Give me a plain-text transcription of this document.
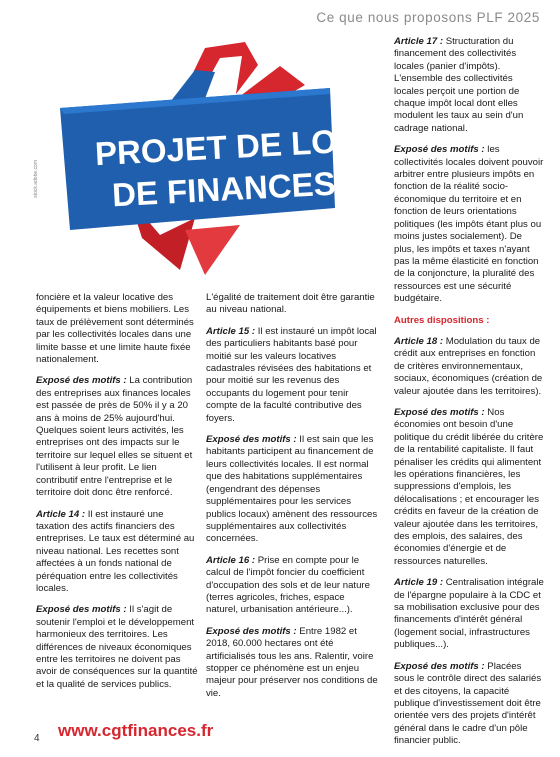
Ce que nous proposons PLF 2025
PROJET DE LOI
DE FINANCES
stock.adobe.com

foncière et la valeur locative des équipements et biens mobiliers. Les taux de prélèvement sont déterminés par les collectivités locales dans une limite basse et une limite haute fixée nationalement.

Exposé des motifs : La contribution des entreprises aux finances locales est passée de près de 50% il y a 20 ans à moins de 25% aujourd'hui. Quelques soient leurs activités, les entreprises ont des impacts sur le territoire sur lequel elles se situent et l'utilisent à leur profit. Le lien contributif entre l'entreprise et le territoire doit donc être renforcé.

Article 14 : Il est instauré une taxation des actifs financiers des entreprises. Le taux est déterminé au niveau national. Les recettes sont affectées à un fonds national de péréquation entre les collectivités locales.

Exposé des motifs : Il s'agit de soutenir l'emploi et le développement harmonieux des territoires. Les différences de niveaux économiques entre les territoires ne doivent pas avoir de conséquences sur la quantité et la qualité de services publics.

L'égalité de traitement doit être garantie au niveau national.

Article 15 : Il est instauré un impôt local des particuliers habitants basé pour moitié sur les valeurs locatives cadastrales révisées des habitations et pour moitié sur les revenus des occupants du logement pour tenir compte de la faculté contributive des foyers.

Exposé des motifs : Il est sain que les habitants participent au financement de leurs collectivités locales. Il est normal que des habitations supplémentaires (engendrant des dépenses supplémentaires pour les services publics locaux) amènent des ressources supplémentaires aux collectivités concernées.

Article 16 : Prise en compte pour le calcul de l'impôt foncier du coefficient d'occupation des sols et de leur nature (terres agricoles, friches, espace naturel, urbanisation antérieure...).

Exposé des motifs : Entre 1982 et 2018, 60.000 hectares ont été artificialisés tous les ans. Ralentir, voire stopper ce phénomène est un enjeu majeur pour préserver nos conditions de vie.

Article 17 : Structuration du financement des collectivités locales (panier d'impôts). L'ensemble des collectivités locales perçoit une portion de chaque impôt local dont elles modulent les taux au sein d'un cadrage national.

Exposé des motifs : les collectivités locales doivent pouvoir arbitrer entre plusieurs impôts en fonction de la réalité socio-économique du territoire et en fonction de leurs orientations politiques (les impôts étant plus ou moins justes socialement). De plus, les impôts et taxes n'ayant pas la même élasticité en fonction de la conjoncture, la pluralité des ressources est une sécurité budgétaire.

Autres dispositions :

Article 18 : Modulation du taux de crédit aux entreprises en fonction de critères environnementaux, sociaux, économiques (création de valeur ajoutée dans les territoires).

Exposé des motifs : Nos économies ont besoin d'une politique du crédit libérée du critère de la rentabilité capitaliste. Il faut pénaliser les crédits qui alimentent les opérations financières, les suppressions d'emplois, les délocalisations ; et encourager les crédits en faveur de la création de valeur ajoutée dans les territoires, des emplois, des salaires, des économies d'énergie et de ressources naturelles.

Article 19 : Centralisation intégrale de l'épargne populaire à la CDC et sa mobilisation exclusive pour des financements d'intérêt général (logement social, infrastructures publiques...).

Exposé des motifs : Placées sous le contrôle direct des salariés et des citoyens, la capacité publique d'investissement doit être orientée vers des projets d'intérêt général dans le cadre d'un pôle financier public.

4 www.cgtfinances.fr
